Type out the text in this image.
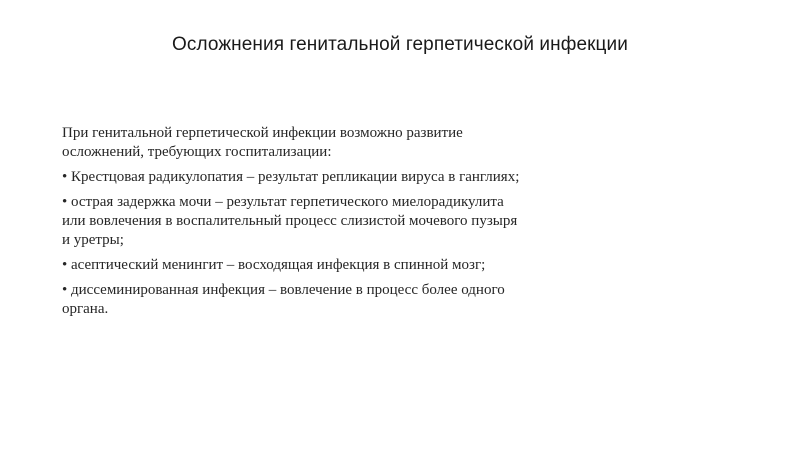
Осложнения генитальной герпетической инфекции

При генитальной герпетической инфекции возможно развитие осложнений, требующих госпитализации:

• Крестцовая радикулопатия – результат репликации вируса в ганглиях;

• острая задержка мочи – результат герпетического миелорадикулита или вовлечения в воспалительный процесс слизистой мочевого пузыря и уретры;

• асептический менингит – восходящая инфекция в спинной мозг;

• диссеминированная инфекция – вовлечение в процесс более одного органа.
